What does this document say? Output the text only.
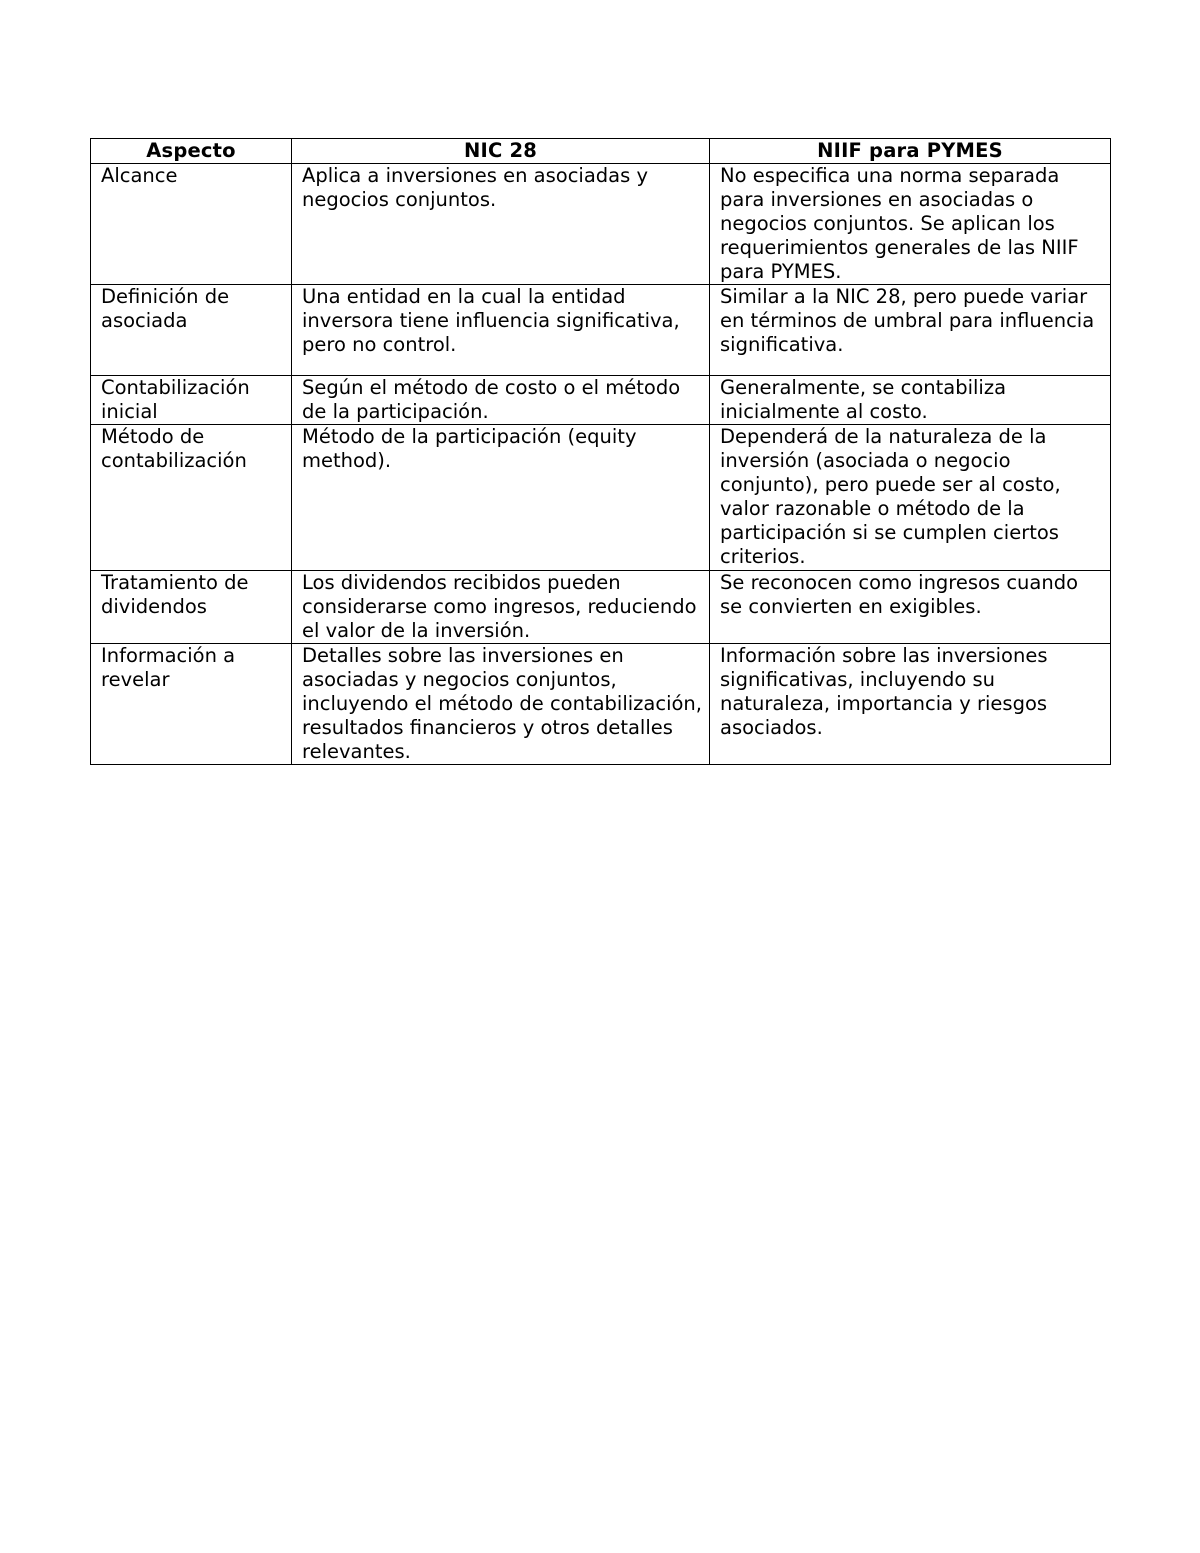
Aspecto	NIC 28	NIIF para PYMES
Alcance	Aplica a inversiones en asociadas y negocios conjuntos.	No especifica una norma separada para inversiones en asociadas o negocios conjuntos. Se aplican los requerimientos generales de las NIIF para PYMES.
Definición de asociada	Una entidad en la cual la entidad inversora tiene influencia significativa, pero no control.	Similar a la NIC 28, pero puede variar en términos de umbral para influencia significativa.
Contabilización inicial	Según el método de costo o el método de la participación.	Generalmente, se contabiliza inicialmente al costo.
Método de contabilización	Método de la participación (equity method).	Dependerá de la naturaleza de la inversión (asociada o negocio conjunto), pero puede ser al costo, valor razonable o método de la participación si se cumplen ciertos criterios.
Tratamiento de dividendos	Los dividendos recibidos pueden considerarse como ingresos, reduciendo el valor de la inversión.	Se reconocen como ingresos cuando se convierten en exigibles.
Información a revelar	Detalles sobre las inversiones en asociadas y negocios conjuntos, incluyendo el método de contabilización, resultados financieros y otros detalles relevantes.	Información sobre las inversiones significativas, incluyendo su naturaleza, importancia y riesgos asociados.
